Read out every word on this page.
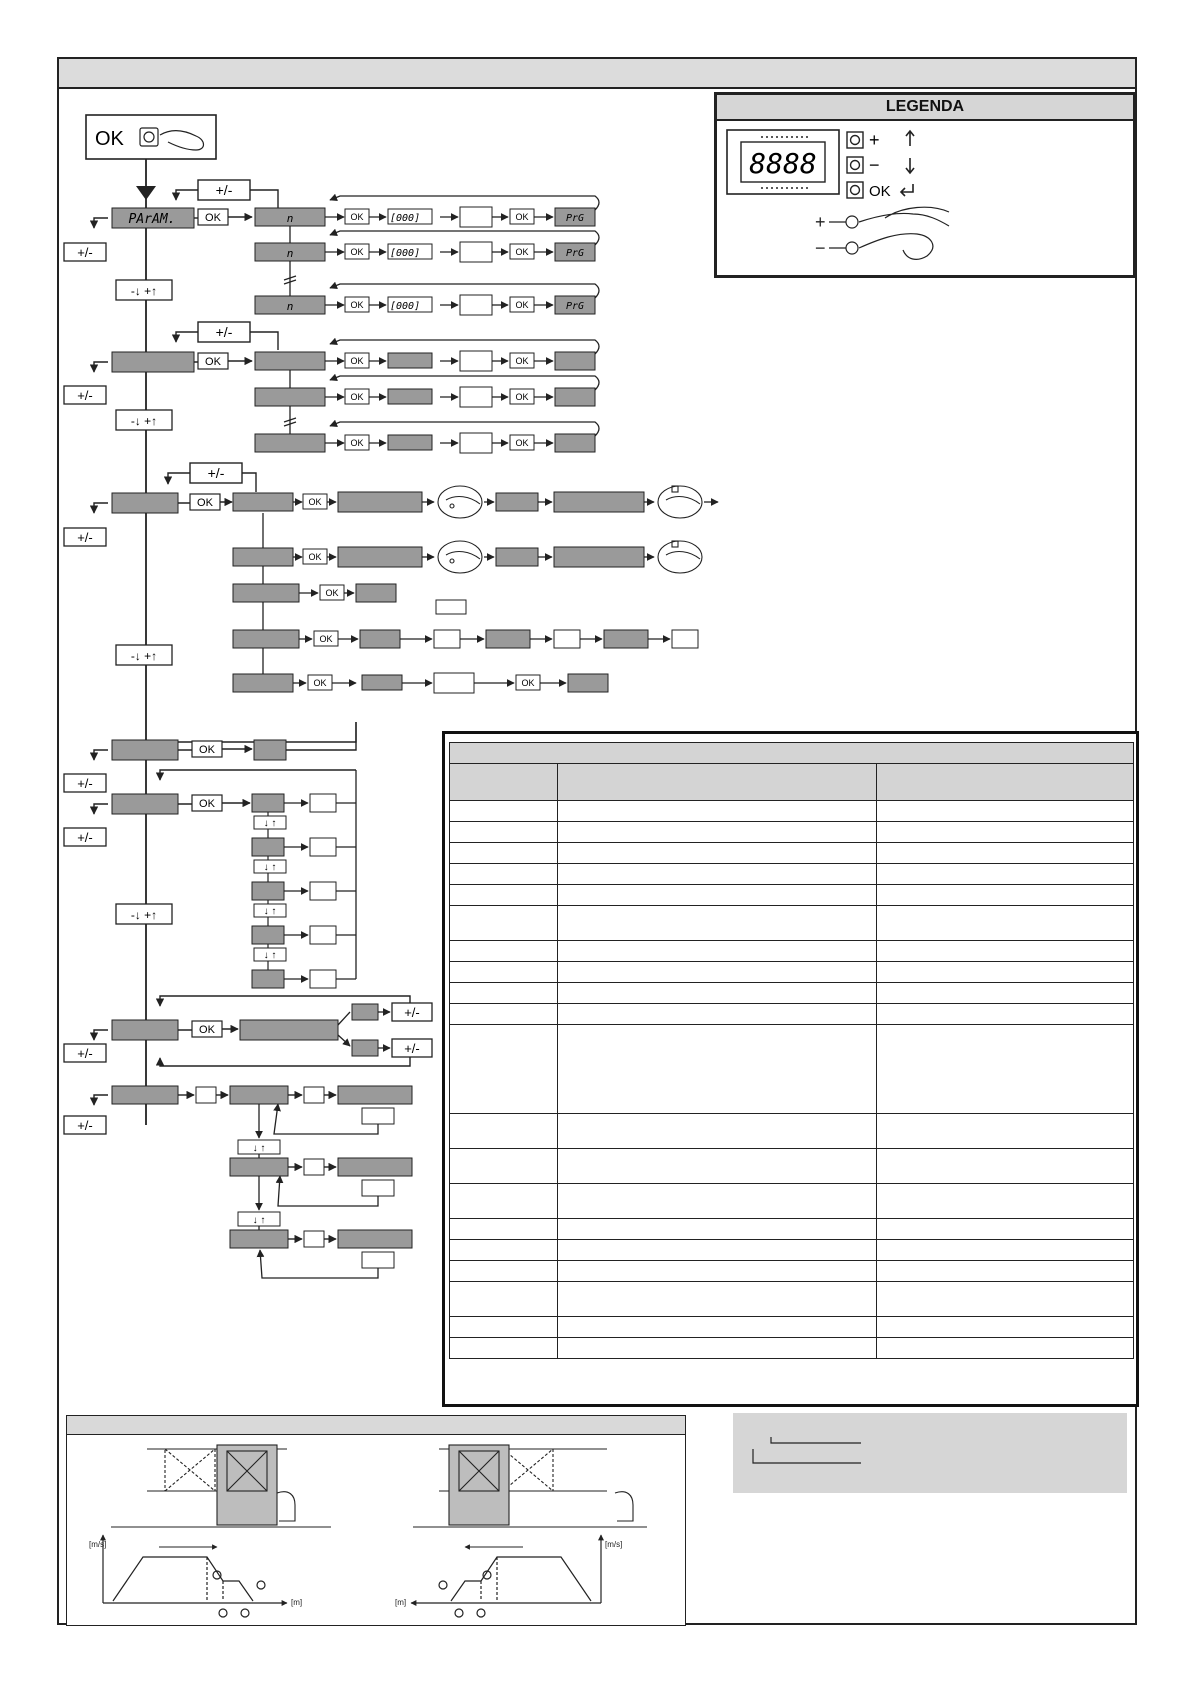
LEGENDA
8888
+
−
OK
+
−
OK
+/-
PArAM.	OK
+/-
-↓ +↑
n	OK	[000]	OK	PrG
n	OK	[000]	OK	PrG
n	OK	[000]	OK	PrG
+/-
OK
+/-
-↓ +↑
OK	OK
OK	OK
OK	OK
+/-
OK
+/-
-↓ +↑
OK
OK
OK
OK
OK	OK
OK
+/-
OK
+/-
-↓ +↑
↓ ↑
↓ ↑
↓ ↑
↓ ↑
OK
+/-
+/-
+/-
+/-
↓ ↑
↓ ↑

[m/s]
[m]
[m/s]
[m]
